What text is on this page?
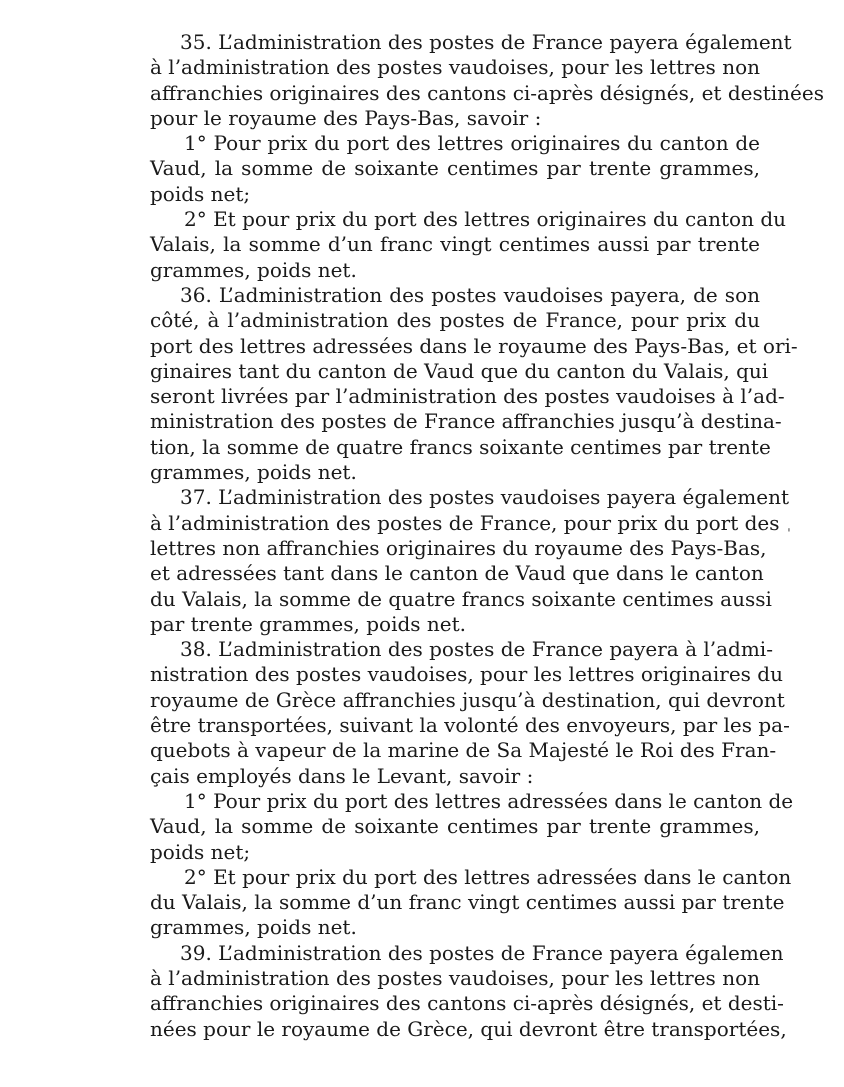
35. L’administration des postes de France payera également
à l’administration des postes vaudoises, pour les lettres non
affranchies originaires des cantons ci-après désignés, et destinées
pour le royaume des Pays-Bas, savoir :
1° Pour prix du port des lettres originaires du canton de
Vaud, la somme de soixante centimes par trente grammes,
poids net;
2° Et pour prix du port des lettres originaires du canton du
Valais, la somme d’un franc vingt centimes aussi par trente
grammes, poids net.
36. L’administration des postes vaudoises payera, de son
côté, à l’administration des postes de France, pour prix du
port des lettres adressées dans le royaume des Pays-Bas, et ori-
ginaires tant du canton de Vaud que du canton du Valais, qui
seront livrées par l’administration des postes vaudoises à l’ad-
ministration des postes de France affranchies jusqu’à destina-
tion, la somme de quatre francs soixante centimes par trente
grammes, poids net.
37. L’administration des postes vaudoises payera également
à l’administration des postes de France, pour prix du port des
lettres non affranchies originaires du royaume des Pays-Bas,
et adressées tant dans le canton de Vaud que dans le canton
du Valais, la somme de quatre francs soixante centimes aussi
par trente grammes, poids net.
38. L’administration des postes de France payera à l’admi-
nistration des postes vaudoises, pour les lettres originaires du
royaume de Grèce affranchies jusqu’à destination, qui devront
être transportées, suivant la volonté des envoyeurs, par les pa-
quebots à vapeur de la marine de Sa Majesté le Roi des Fran-
çais employés dans le Levant, savoir :
1° Pour prix du port des lettres adressées dans le canton de
Vaud, la somme de soixante centimes par trente grammes,
poids net;
2° Et pour prix du port des lettres adressées dans le canton
du Valais, la somme d’un franc vingt centimes aussi par trente
grammes, poids net.
39. L’administration des postes de France payera égalemen
à l’administration des postes vaudoises, pour les lettres non
affranchies originaires des cantons ci-après désignés, et desti-
nées pour le royaume de Grèce, qui devront être transportées,
ˌ
